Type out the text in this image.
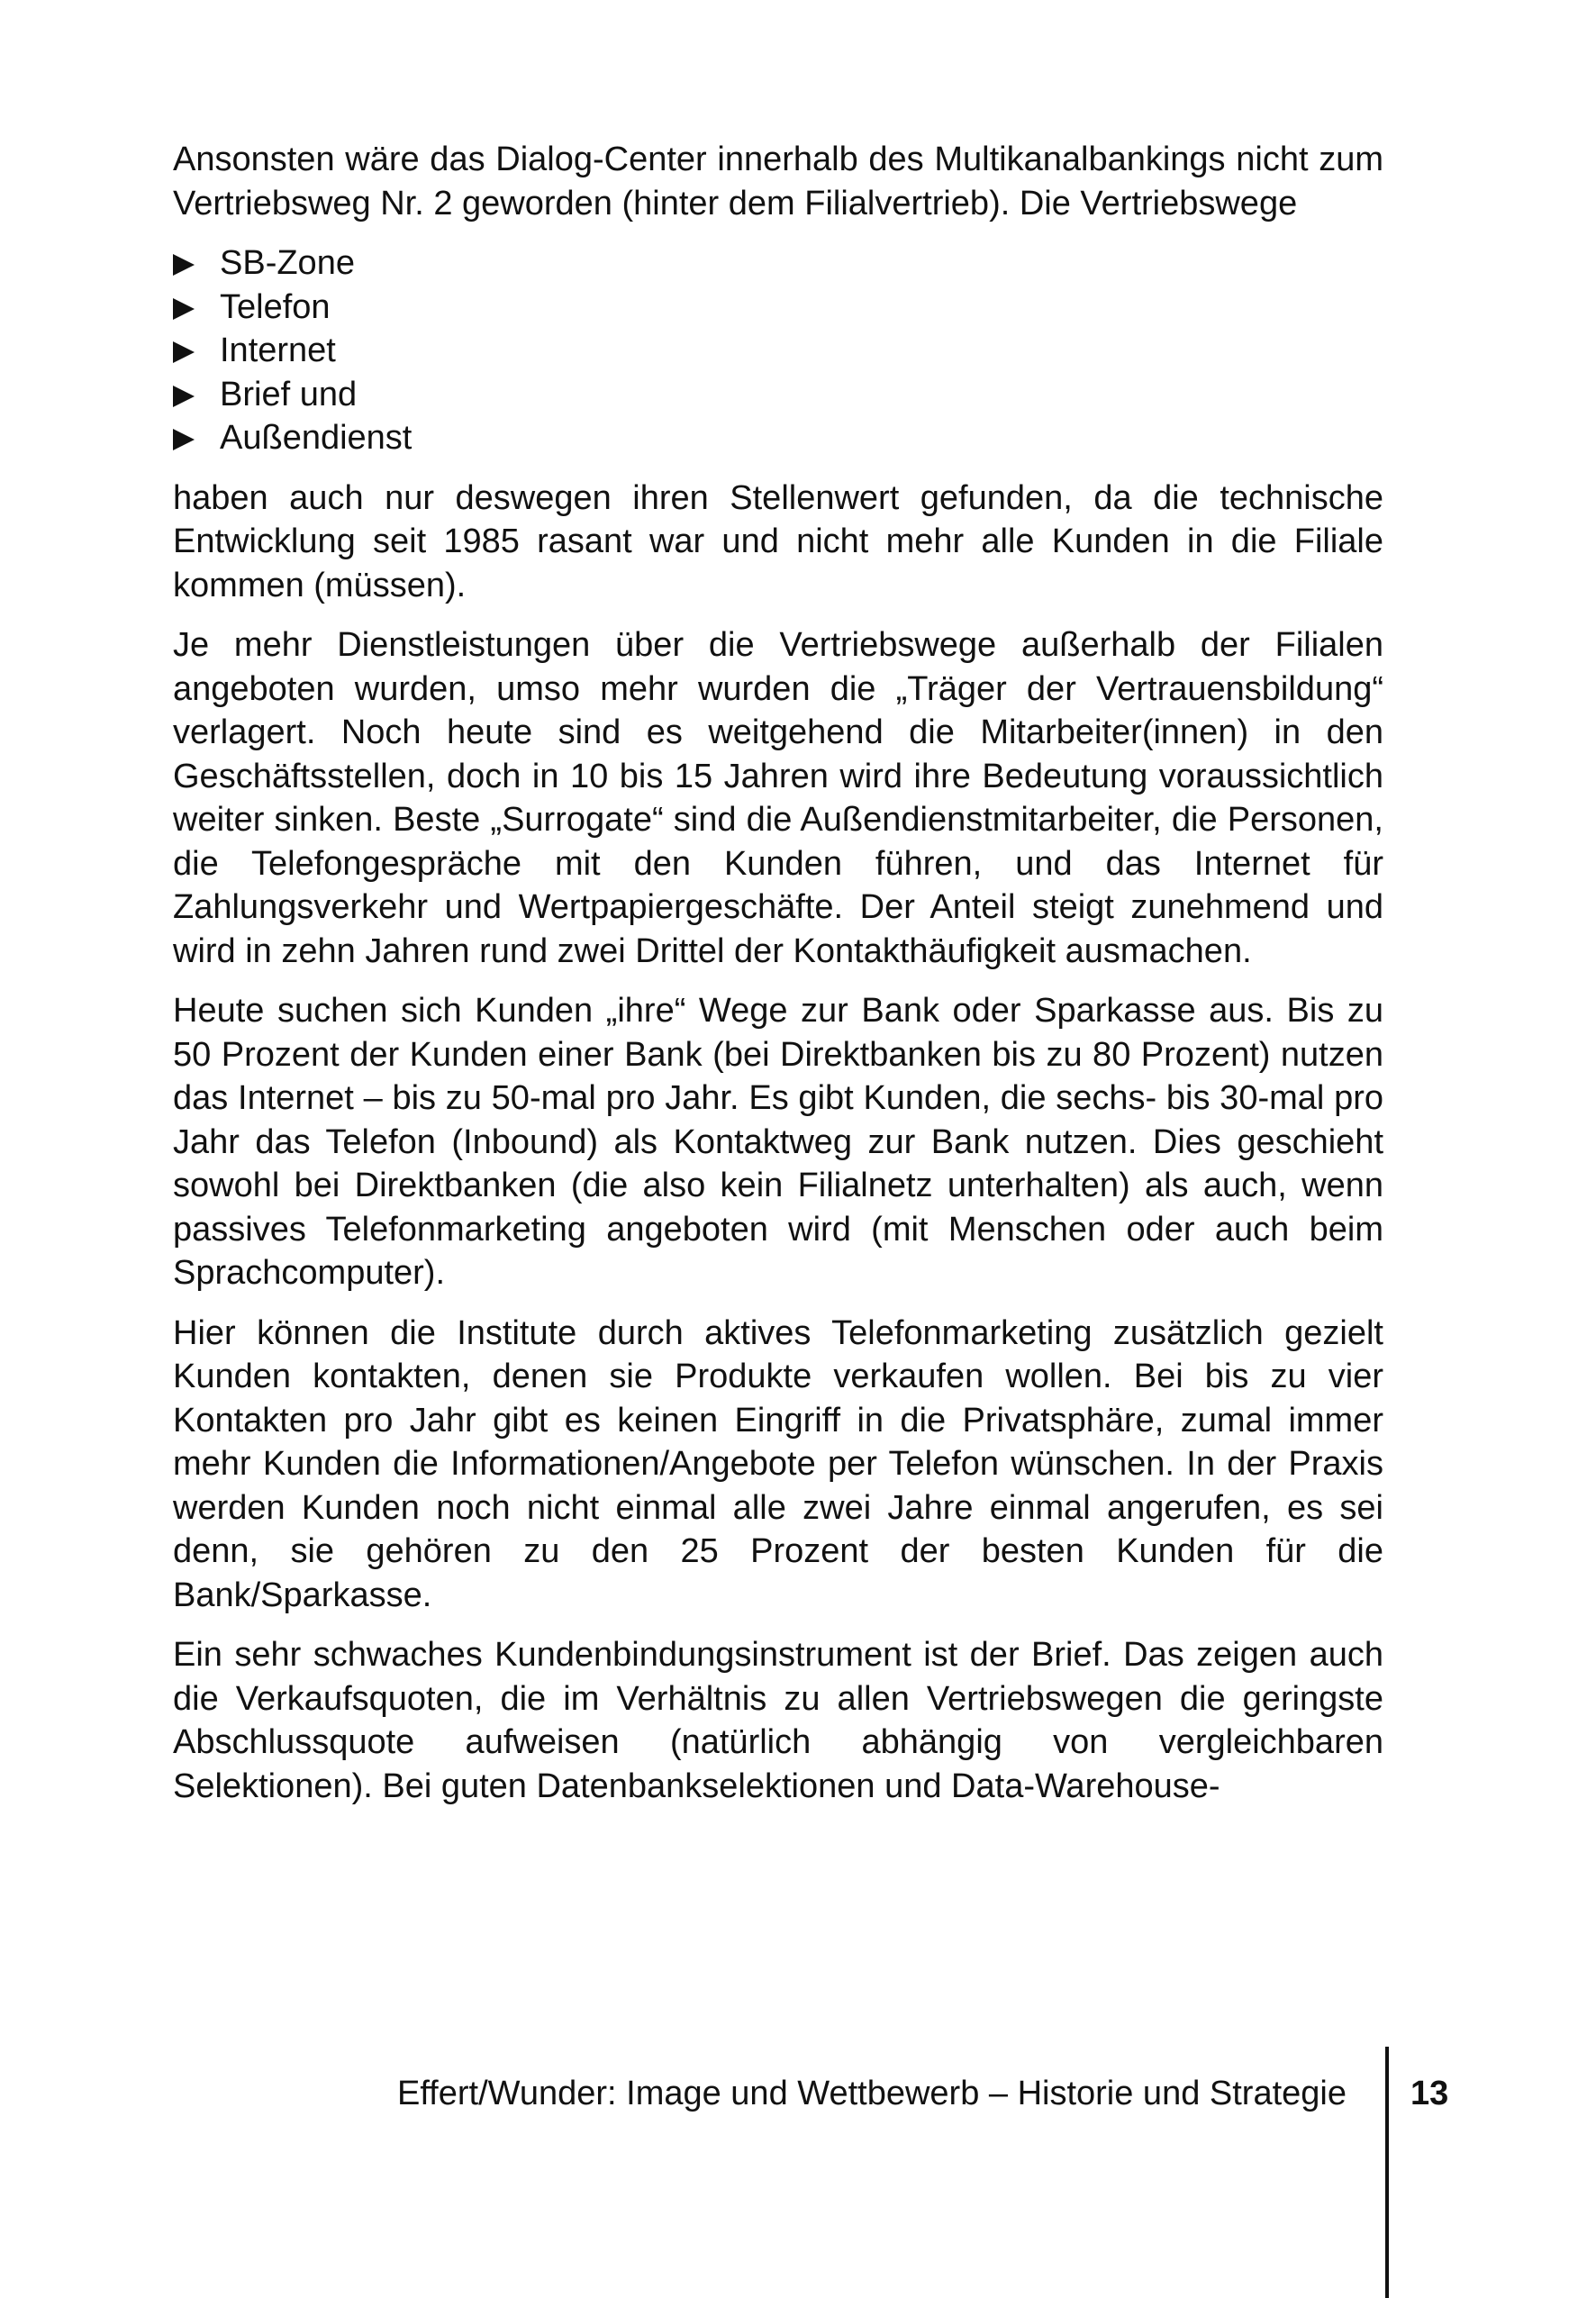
Ansonsten wäre das Dialog-Center innerhalb des Multikanalbankings nicht zum Vertriebsweg Nr. 2 geworden (hinter dem Filialvertrieb). Die Vertriebswege

SB-Zone
Telefon
Internet
Brief und
Außendienst

haben auch nur deswegen ihren Stellenwert gefunden, da die technische Entwicklung seit 1985 rasant war und nicht mehr alle Kunden in die Filiale kommen (müssen).

Je mehr Dienstleistungen über die Vertriebswege außerhalb der Filialen angeboten wurden, umso mehr wurden die „Träger der Vertrauensbildung“ verlagert. Noch heute sind es weitgehend die Mitarbeiter(innen) in den Geschäftsstellen, doch in 10 bis 15 Jahren wird ihre Bedeutung voraussichtlich weiter sinken. Beste „Surrogate“ sind die Außendienstmitarbeiter, die Personen, die Telefongespräche mit den Kunden führen, und das Internet für Zahlungsverkehr und Wertpapiergeschäfte. Der Anteil steigt zunehmend und wird in zehn Jahren rund zwei Drittel der Kontakthäufigkeit ausmachen.

Heute suchen sich Kunden „ihre“ Wege zur Bank oder Sparkasse aus. Bis zu 50 Prozent der Kunden einer Bank (bei Direktbanken bis zu 80 Prozent) nutzen das Internet – bis zu 50-mal pro Jahr. Es gibt Kunden, die sechs- bis 30-mal pro Jahr das Telefon (Inbound) als Kontaktweg zur Bank nutzen. Dies geschieht sowohl bei Direktbanken (die also kein Filialnetz unterhalten) als auch, wenn passives Telefonmarketing angeboten wird (mit Menschen oder auch beim Sprachcomputer).

Hier können die Institute durch aktives Telefonmarketing zusätzlich gezielt Kunden kontakten, denen sie Produkte verkaufen wollen. Bei bis zu vier Kontakten pro Jahr gibt es keinen Eingriff in die Privatsphäre, zumal immer mehr Kunden die Informationen/Angebote per Telefon wünschen. In der Praxis werden Kunden noch nicht einmal alle zwei Jahre einmal angerufen, es sei denn, sie gehören zu den 25 Prozent der besten Kunden für die Bank/Sparkasse.

Ein sehr schwaches Kundenbindungsinstrument ist der Brief. Das zeigen auch die Verkaufsquoten, die im Verhältnis zu allen Vertriebswegen die geringste Abschlussquote aufweisen (natürlich abhängig von vergleichbaren Selektionen). Bei guten Datenbankselektionen und Data-Warehouse-

Effert/Wunder: Image und Wettbewerb – Historie und Strategie 13
